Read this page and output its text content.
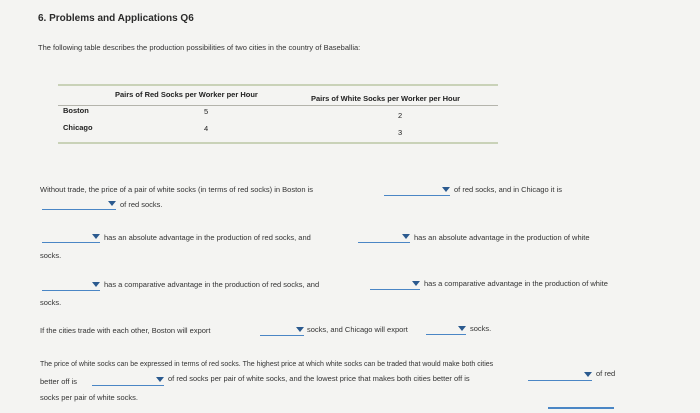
6. Problems and Applications Q6
The following table describes the production possibilities of two cities in the country of Baseballia:
Pairs of Red Socks per Worker per Hour	Pairs of White Socks per Worker per Hour
Boston	5	2
Chicago	4	3
Without trade, the price of a pair of white socks (in terms of red socks) in Boston is	of red socks, and in Chicago it is
of red socks.
has an absolute advantage in the production of red socks, and	has an absolute advantage in the production of white
socks.
has a comparative advantage in the production of red socks, and	has a comparative advantage in the production of white
socks.
If the cities trade with each other, Boston will export	socks, and Chicago will export	socks.
The price of white socks can be expressed in terms of red socks. The highest price at which white socks can be traded that would make both cities
better off is	of red socks per pair of white socks, and the lowest price that makes both cities better off is
of red
socks per pair of white socks.
